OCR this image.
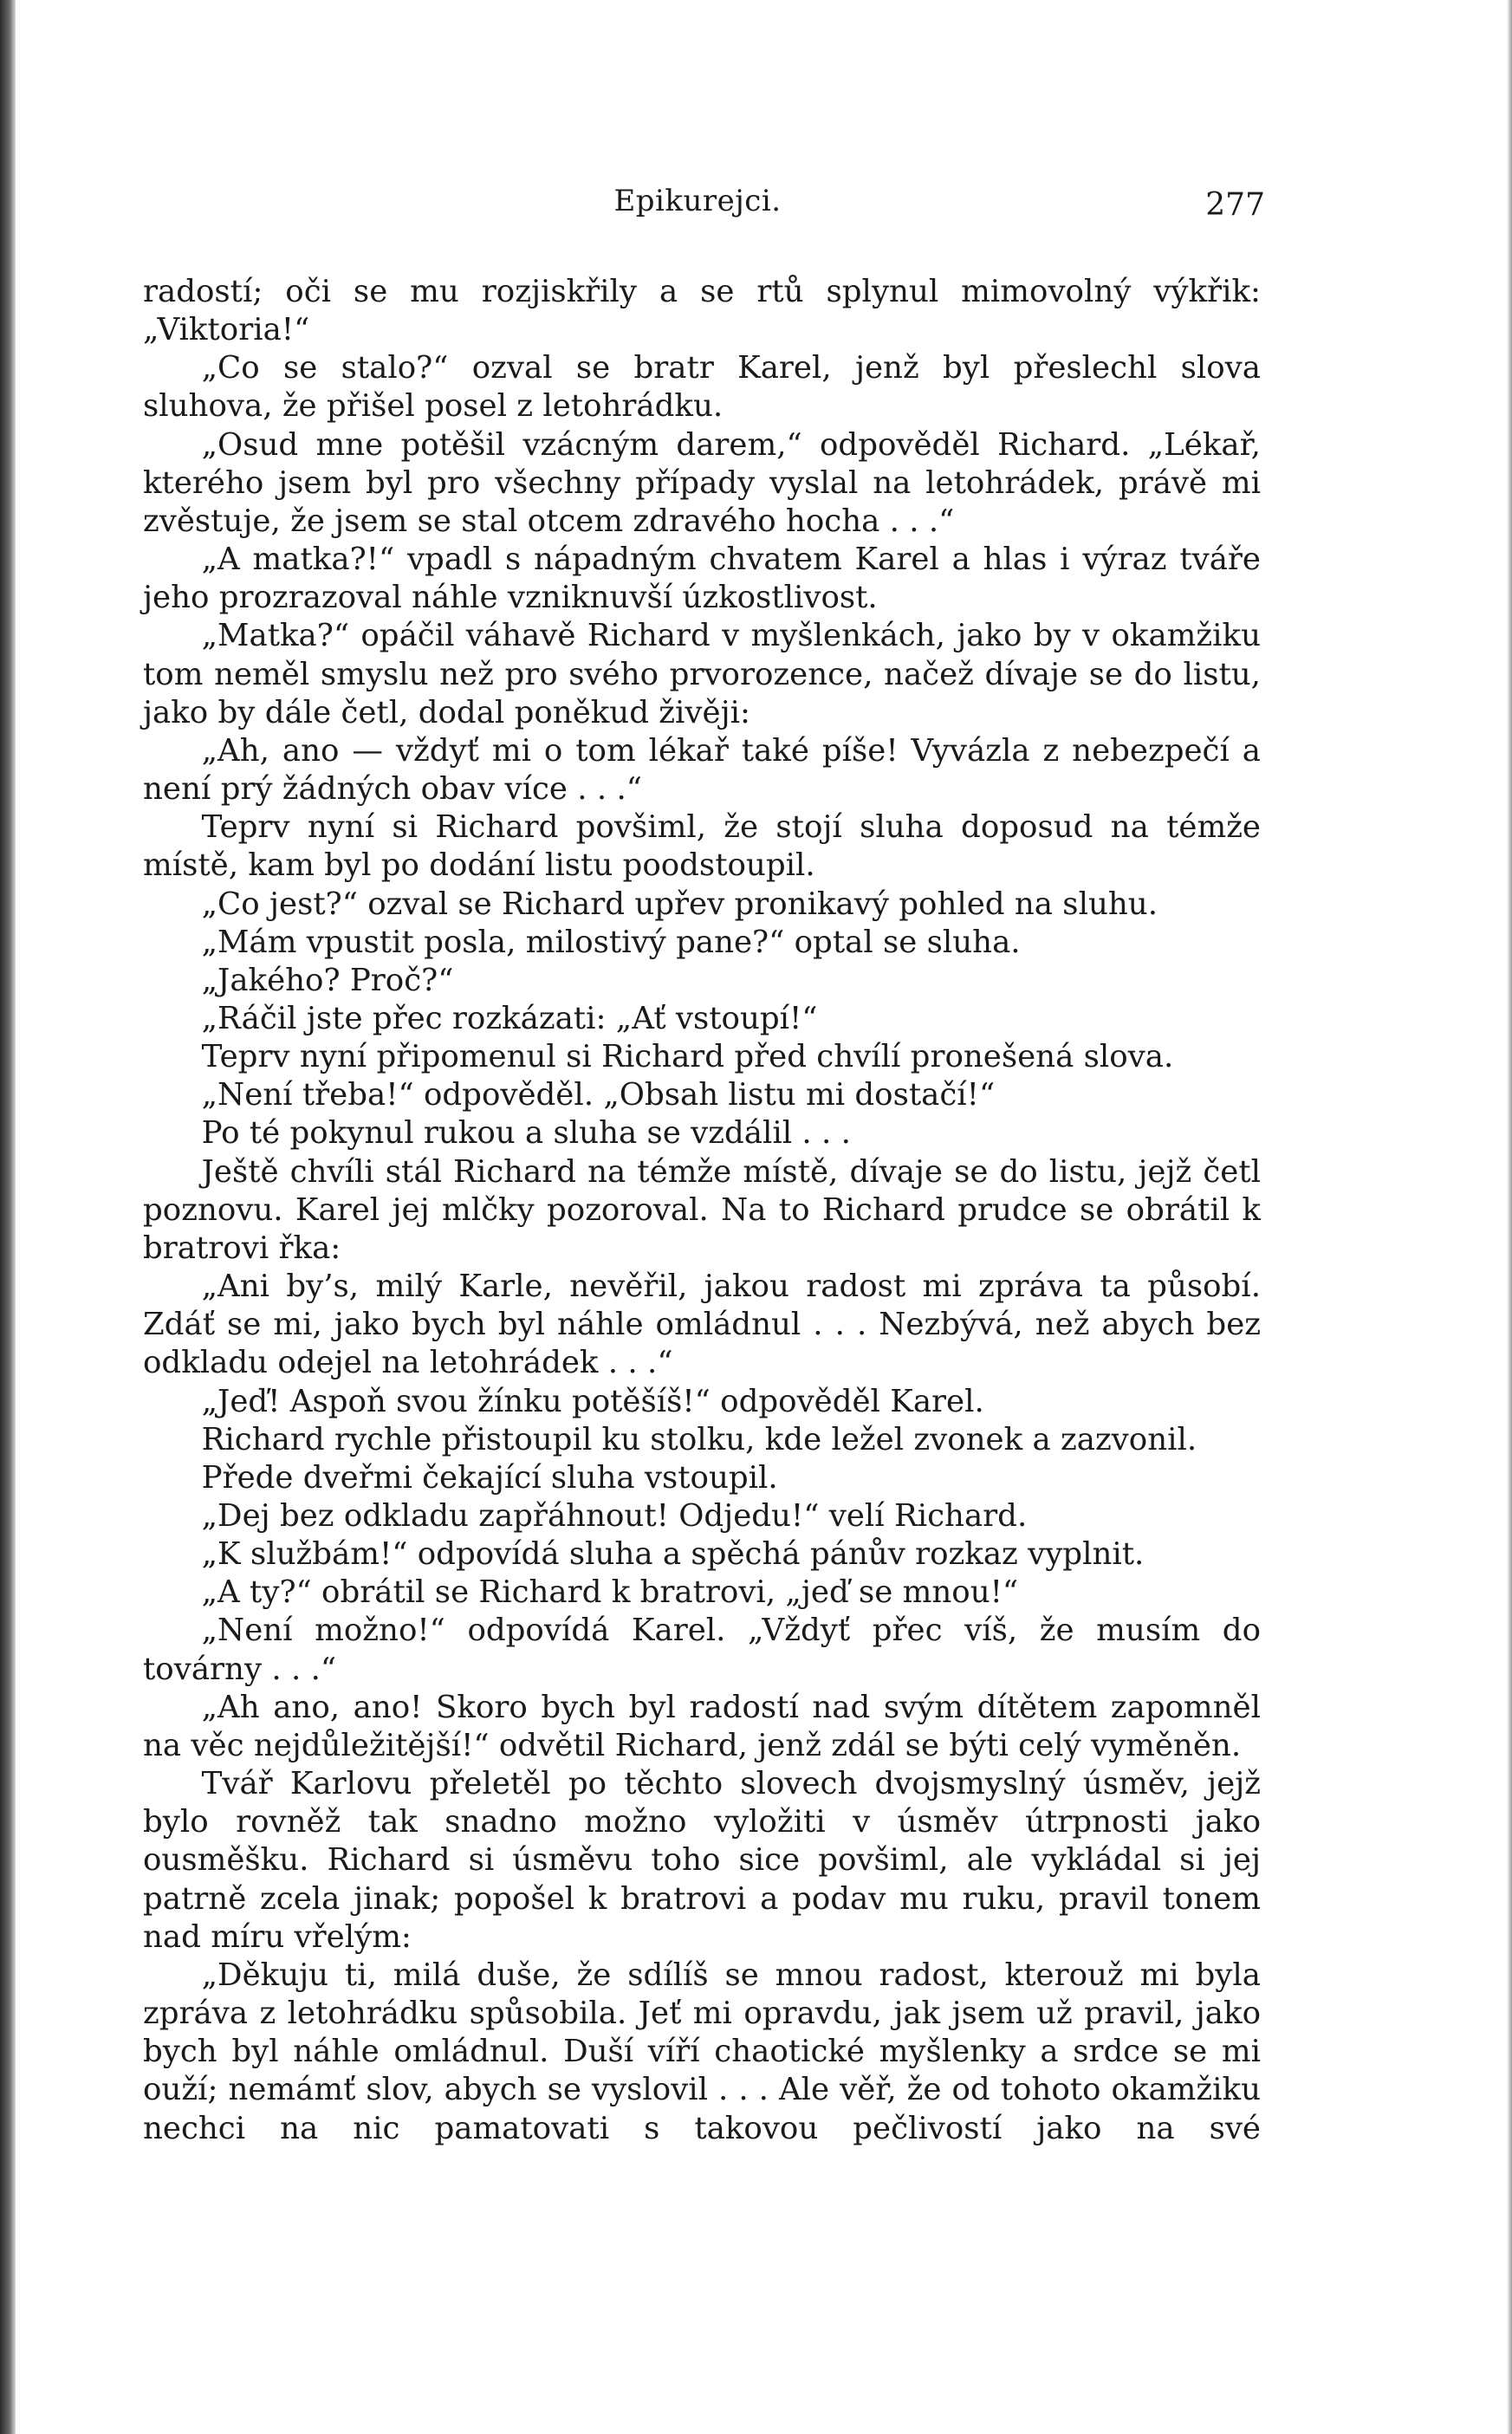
Epikurejci.	277

radostí; oči se mu rozjiskřily a se rtů splynul mimovolný výkřik: „Viktoria!“

„Co se stalo?“ ozval se bratr Karel, jenž byl přeslechl slova sluhova, že přišel posel z letohrádku.

„Osud mne potěšil vzácným darem,“ odpověděl Richard. „Lékař, kterého jsem byl pro všechny případy vyslal na letohrádek, právě mi zvěstuje, že jsem se stal otcem zdravého hocha . . .“

„A matka?!“ vpadl s nápadným chvatem Karel a hlas i výraz tváře jeho prozrazoval náhle vzniknuvší úzkostlivost.

„Matka?“ opáčil váhavě Richard v myšlenkách, jako by v okamžiku tom neměl smyslu než pro svého prvorozence, načež dívaje se do listu, jako by dále četl, dodal poněkud živěji:

„Ah, ano — vždyť mi o tom lékař také píše! Vyvázla z nebezpečí a není prý žádných obav více . . .“

Teprv nyní si Richard povšiml, že stojí sluha doposud na témže místě, kam byl po dodání listu poodstoupil.

„Co jest?“ ozval se Richard upřev pronikavý pohled na sluhu.

„Mám vpustit posla, milostivý pane?“ optal se sluha.

„Jakého? Proč?“

„Ráčil jste přec rozkázati: „Ať vstoupí!“

Teprv nyní připomenul si Richard před chvílí pronešená slova.

„Není třeba!“ odpověděl. „Obsah listu mi dostačí!“

Po té pokynul rukou a sluha se vzdálil . . .

Ještě chvíli stál Richard na témže místě, dívaje se do listu, jejž četl poznovu. Karel jej mlčky pozoroval. Na to Richard prudce se obrátil k bratrovi řka:

„Ani by’s, milý Karle, nevěřil, jakou radost mi zpráva ta působí. Zdáť se mi, jako bych byl náhle omládnul . . . Nezbývá, než abych bez odkladu odejel na letohrádek . . .“

„Jeď! Aspoň svou žínku potěšíš!“ odpověděl Karel.

Richard rychle přistoupil ku stolku, kde ležel zvonek a zazvonil.

Přede dveřmi čekající sluha vstoupil.

„Dej bez odkladu zapřáhnout! Odjedu!“ velí Richard.

„K službám!“ odpovídá sluha a spěchá pánův rozkaz vyplnit.

„A ty?“ obrátil se Richard k bratrovi, „jeď se mnou!“

„Není možno!“ odpovídá Karel. „Vždyť přec víš, že musím do továrny . . .“

„Ah ano, ano! Skoro bych byl radostí nad svým dítětem zapomněl na věc nejdůležitější!“ odvětil Richard, jenž zdál se býti celý vyměněn.

Tvář Karlovu přeletěl po těchto slovech dvojsmyslný úsměv, jejž bylo rovněž tak snadno možno vyložiti v úsměv útrpnosti jako ousměšku. Richard si úsměvu toho sice povšiml, ale vykládal si jej patrně zcela jinak; popošel k bratrovi a podav mu ruku, pravil tonem nad míru vřelým:

„Děkuju ti, milá duše, že sdílíš se mnou radost, kterouž mi byla zpráva z letohrádku spůsobila. Jeť mi opravdu, jak jsem už pravil, jako bych byl náhle omládnul. Duší víří chaotické myšlenky a srdce se mi ouží; nemámť slov, abych se vyslovil . . . Ale věř, že od tohoto okamžiku nechci na nic pamatovati s takovou pečlivostí jako na své
